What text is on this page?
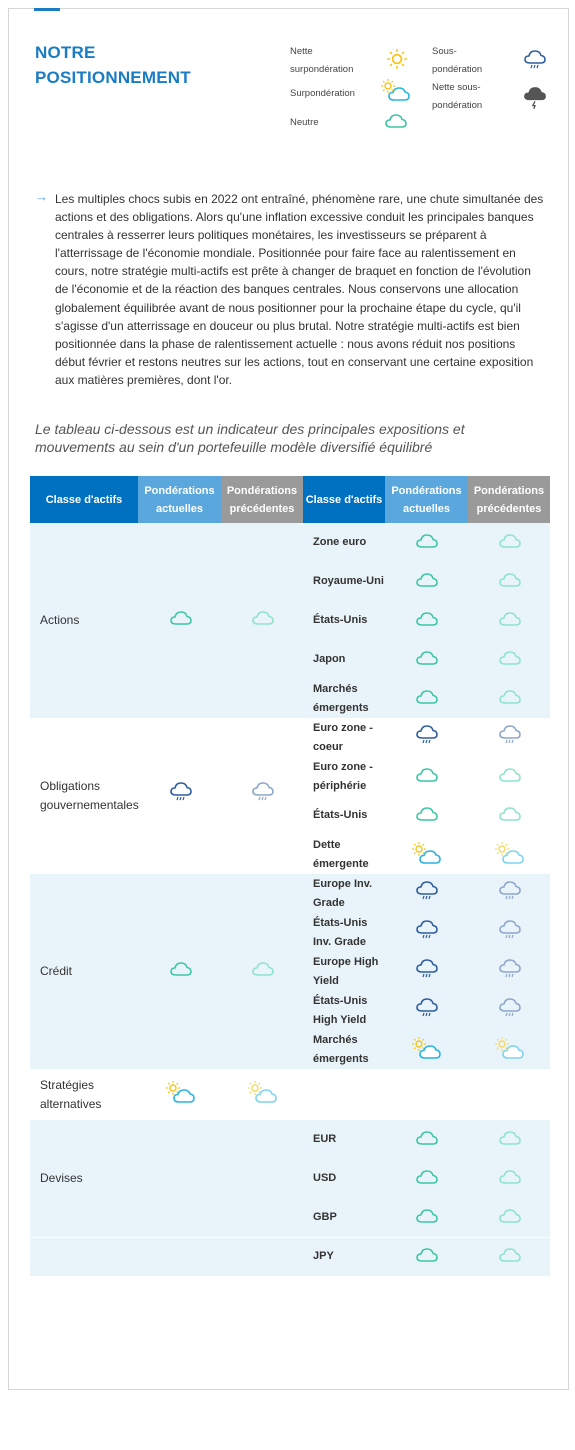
NOTRE POSITIONNEMENT
Nette surpondération
Surpondération
Neutre
Sous-pondération
Nette sous-pondération
→ Les multiples chocs subis en 2022 ont entraîné, phénomène rare, une chute simultanée des actions et des obligations. Alors qu'une inflation excessive conduit les principales banques centrales à resserrer leurs politiques monétaires, les investisseurs se préparent à l'atterrissage de l'économie mondiale. Positionnée pour faire face au ralentissement en cours, notre stratégie multi-actifs est prête à changer de braquet en fonction de l'évolution de l'économie et de la réaction des banques centrales. Nous conservons une allocation globalement équilibrée avant de nous positionner pour la prochaine étape du cycle, qu'il s'agisse d'un atterrissage en douceur ou plus brutal. Notre stratégie multi-actifs est bien positionnée dans la phase de ralentissement actuelle : nous avons réduit nos positions début février et restons neutres sur les actions, tout en conservant une certaine exposition aux matières premières, dont l'or.

Le tableau ci-dessous est un indicateur des principales expositions et mouvements au sein d'un portefeuille modèle diversifié équilibré
Classe d'actifs
Pondérations actuelles
Pondérations précédentes
Classe d'actifs
Pondérations actuelles
Pondérations précédentes
Actions
Zone euro
Royaume-Uni
États-Unis
Japon
Marchés émergents
Obligations gouvernementales
Euro zone - coeur
Euro zone - périphérie
États-Unis
Dette émergente
Crédit
Europe Inv. Grade
États-Unis Inv. Grade
Europe High Yield
États-Unis High Yield
Marchés émergents
Stratégies alternatives
Devises
EUR
USD
GBP
JPY
